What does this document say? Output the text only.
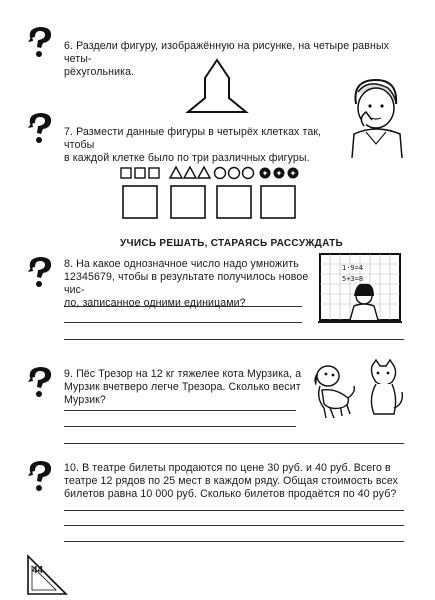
6. Раздели фигуру, изображённую на рисунке, на четыре равных четы-
рёхугольника.
7. Размести данные фигуры в четырёх клетках так, чтобы
в каждой клетке было по три различных фигуры.
✦ ✦ ✦
УЧИСЬ РЕШАТЬ, СТАРАЯСЬ РАССУЖДАТЬ
8. На какое однозначное число надо умножить
12345679, чтобы в результате получилось новое чис-
ло, записанное одними единицами?
1·9=4
5+3=8
9. Пёс Трезор на 12 кг тяжелее кота Мурзика, а
Мурзик вчетверо легче Трезора. Сколько весит
Мурзик?
10. В театре билеты продаются по цене 30 руб. и 40 руб. Всего в
театре 12 рядов по 25 мест в каждом ряду. Общая стоимость всех
билетов равна 10 000 руб. Сколько билетов продаётся по 40 руб?
44
